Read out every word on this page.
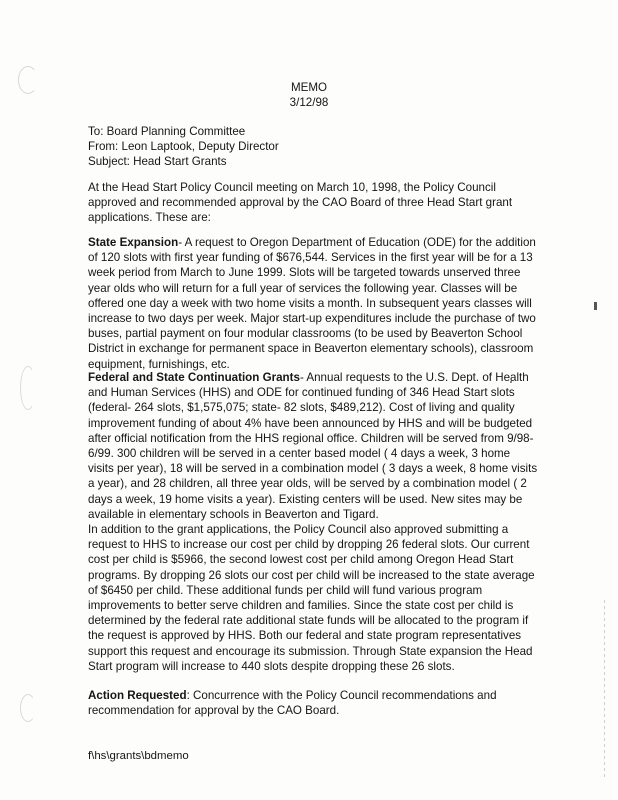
MEMO
3/12/98
To: Board Planning Committee
From: Leon Laptook, Deputy Director
Subject: Head Start Grants

At the Head Start Policy Council meeting on March 10, 1998, the Policy Council approved and recommended approval by the CAO Board of three Head Start grant applications. These are:

State Expansion- A request to Oregon Department of Education (ODE) for the addition of 120 slots with first year funding of $676,544. Services in the first year will be for a 13 week period from March to June 1999. Slots will be targeted towards unserved three year olds who will return for a full year of services the following year. Classes will be offered one day a week with two home visits a month. In subsequent years classes will increase to two days per week. Major start-up expenditures include the purchase of two buses, partial payment on four modular classrooms (to be used by Beaverton School District in exchange for permanent space in Beaverton elementary schools), classroom equipment, furnishings, etc.

Federal and State Continuation Grants- Annual requests to the U.S. Dept. of Health and Human Services (HHS) and ODE for continued funding of 346 Head Start slots (federal- 264 slots, $1,575,075; state- 82 slots, $489,212). Cost of living and quality improvement funding of about 4% have been announced by HHS and will be budgeted after official notification from the HHS regional office. Children will be served from 9/98-6/99. 300 children will be served in a center based model ( 4 days a week, 3 home visits per year), 18 will be served in a combination model ( 3 days a week, 8 home visits a year), and 28 children, all three year olds, will be served by a combination model ( 2 days a week, 19 home visits a year). Existing centers will be used. New sites may be available in elementary schools in Beaverton and Tigard.

In addition to the grant applications, the Policy Council also approved submitting a request to HHS to increase our cost per child by dropping 26 federal slots. Our current cost per child is $5966, the second lowest cost per child among Oregon Head Start programs. By dropping 26 slots our cost per child will be increased to the state average of $6450 per child. These additional funds per child will fund various program improvements to better serve children and families. Since the state cost per child is determined by the federal rate additional state funds will be allocated to the program if the request is approved by HHS. Both our federal and state program representatives support this request and encourage its submission. Through State expansion the Head Start program will increase to 440 slots despite dropping these 26 slots.

Action Requested: Concurrence with the Policy Council recommendations and recommendation for approval by the CAO Board.

f\hs\grants\bdmemo
